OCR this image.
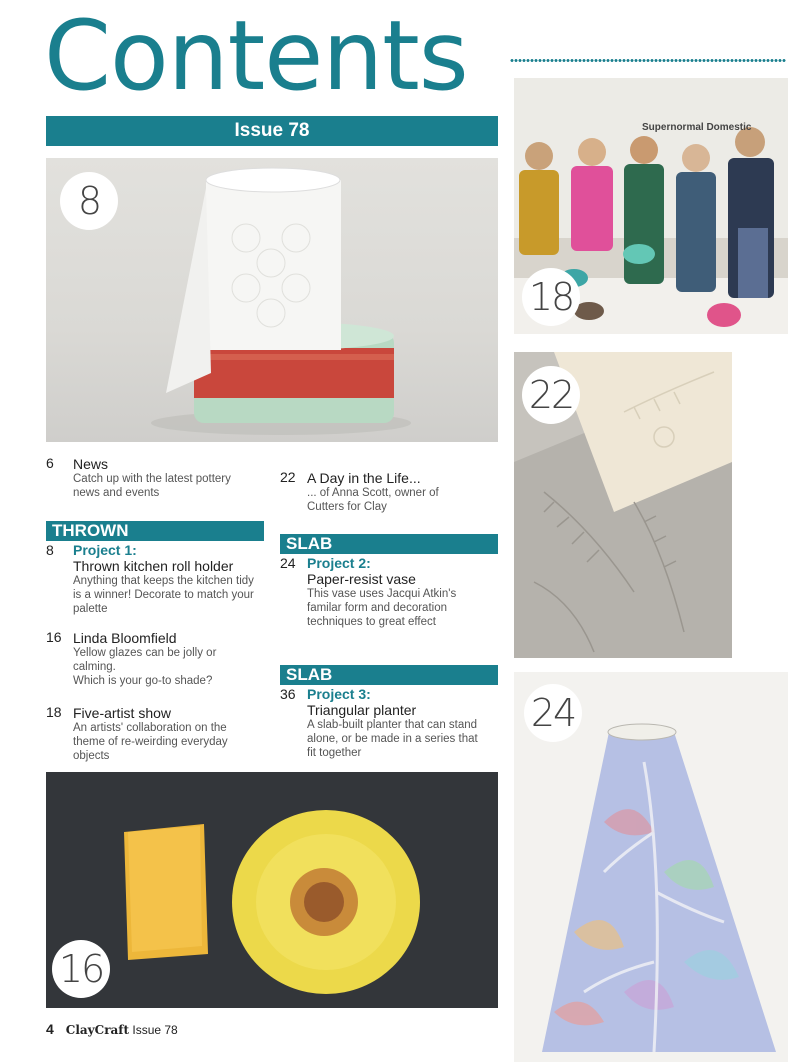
Contents
Issue 78
8
Supernormal Domestic
18
22
24
16
6 News
Catch up with the latest pottery news and events
THROWN
8 Project 1:
Thrown kitchen roll holder
Anything that keeps the kitchen tidy is a winner! Decorate to match your palette
16 Linda Bloomfield
Yellow glazes can be jolly or calming.
Which is your go-to shade?
18 Five-artist show
An artists' collaboration on the theme of re-weirding everyday objects
22 A Day in the Life...
... of Anna Scott, owner of Cutters for Clay
SLAB
24 Project 2:
Paper-resist vase
This vase uses Jacqui Atkin's familar form and decoration techniques to great effect
SLAB
36 Project 3:
Triangular planter
A slab-built planter that can stand alone, or be made in a series that fit together
4 ClayCraft Issue 78
